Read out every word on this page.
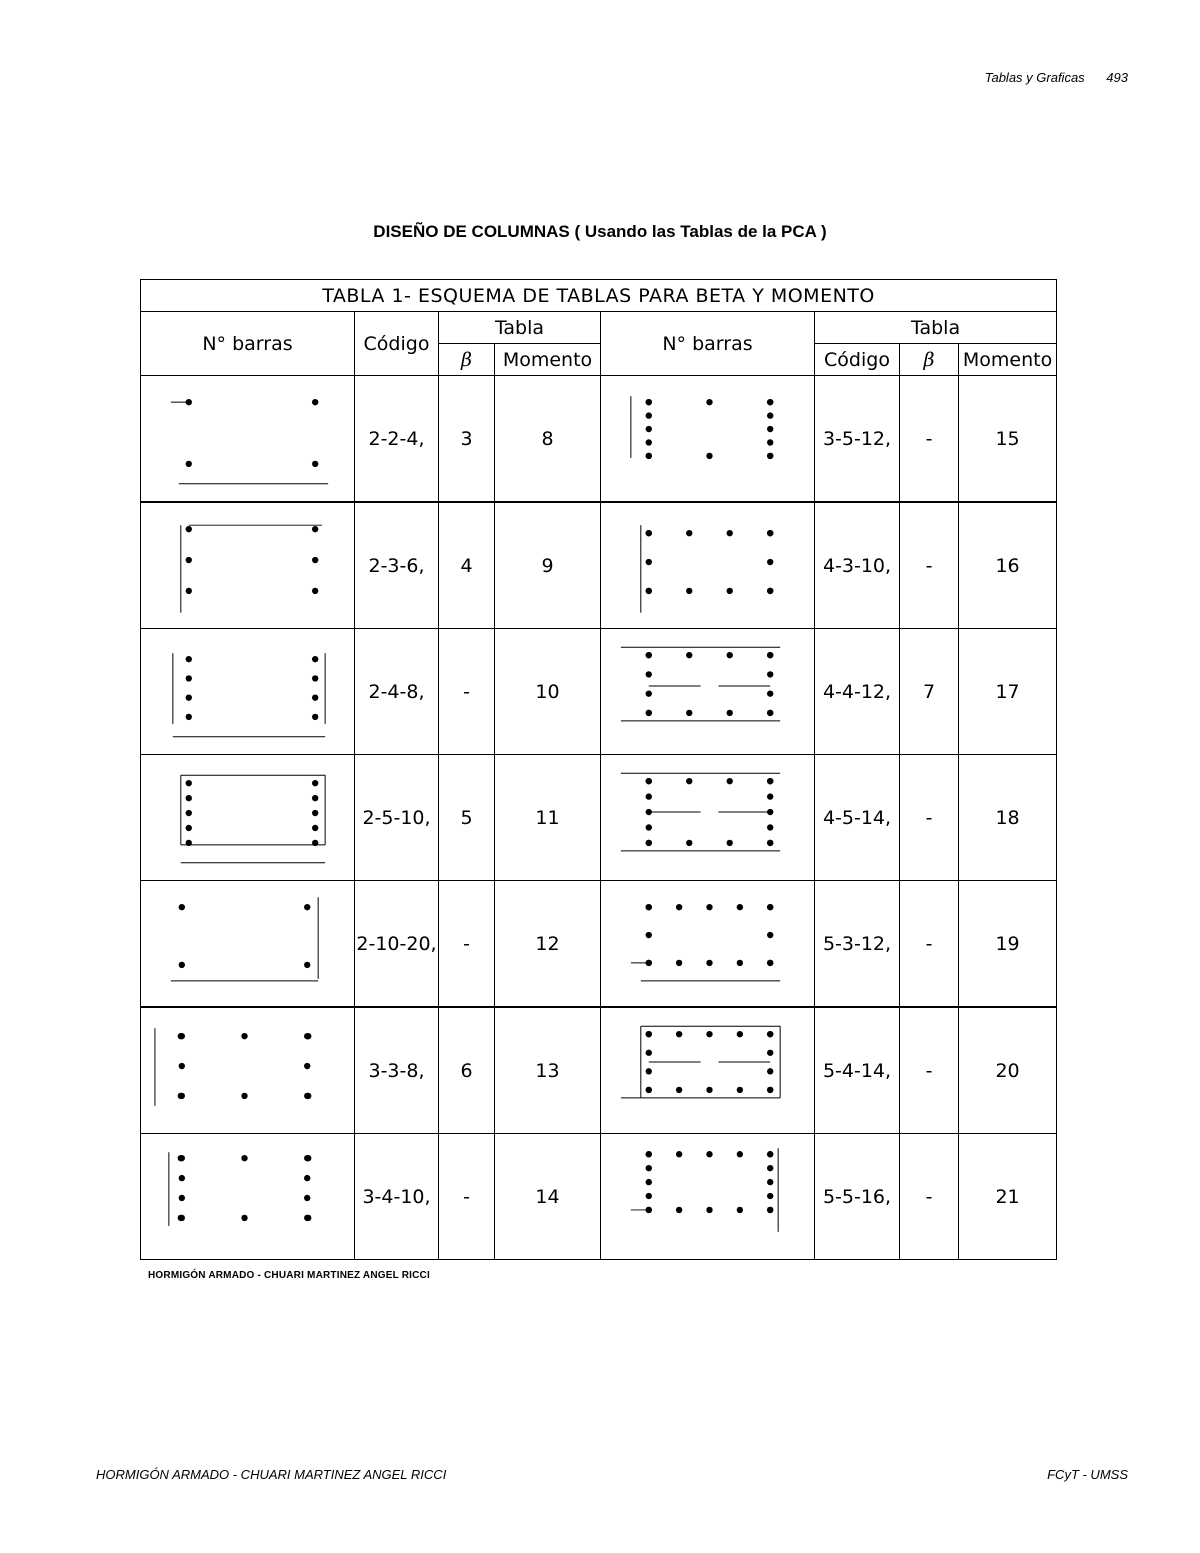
Tablas y Graficas 493
DISEÑO DE COLUMNAS ( Usando las Tablas de la PCA )
TABLA 1- ESQUEMA DE TABLAS PARA BETA Y MOMENTO							
N° barras	Código	Tabla		N° barras	Tabla		
		β	Momento		Código	β	Momento

	2-2-4,	3	8		3-5-12,	-	15

	2-3-6,	4	9		4-3-10,	-	16

	2-4-8,	-	10		4-4-12,	7	17

	2-5-10,	5	11		4-5-14,	-	18

	2-10-20,	-	12		5-3-12,	-	19

	3-3-8,	6	13		5-4-14,	-	20

	3-4-10,	-	14		5-5-16,	-	21
HORMIGÓN ARMADO - CHUARI MARTINEZ ANGEL RICCI
HORMIGÓN ARMADO - CHUARI MARTINEZ ANGEL RICCI	FCyT - UMSS
